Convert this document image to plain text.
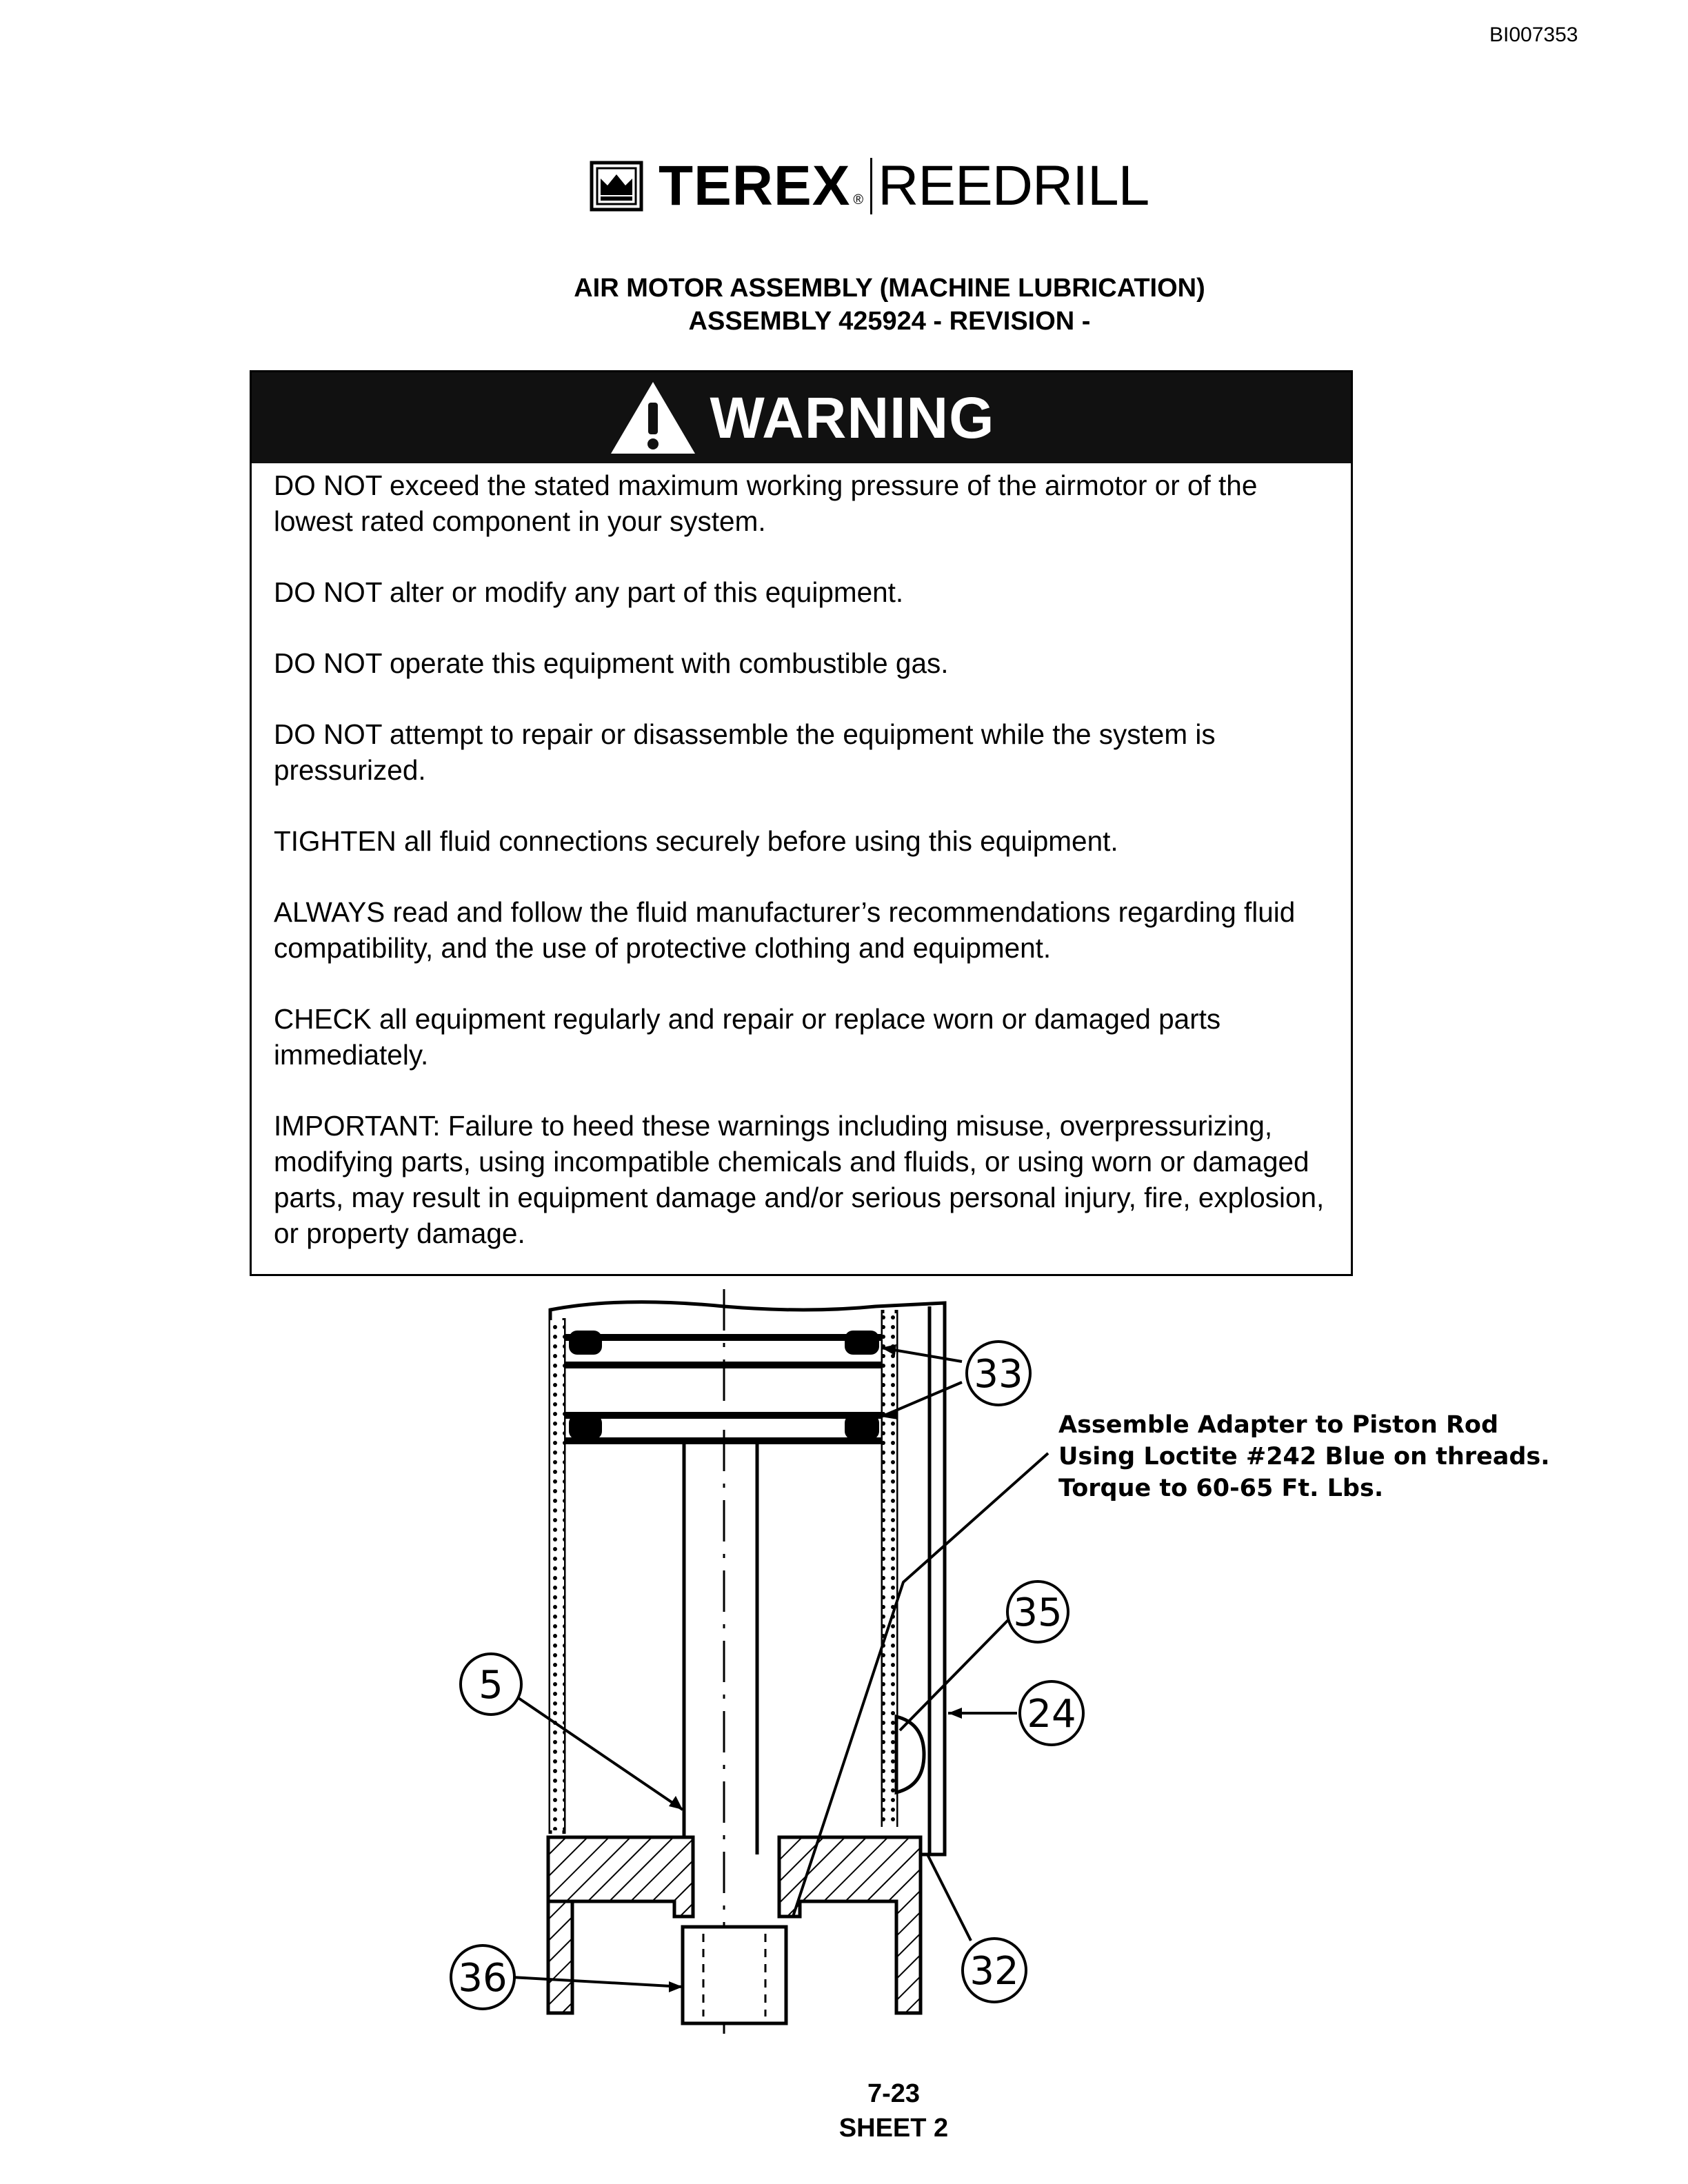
BI007353
TEREX ® REEDRILL
AIR MOTOR ASSEMBLY (MACHINE LUBRICATION)
ASSEMBLY 425924 - REVISION -
WARNING

DO NOT exceed the stated maximum working pressure of the airmotor or of the lowest rated component in your system.

DO NOT alter or modify any part of this equipment.

DO NOT operate this equipment with combustible gas.

DO NOT attempt to repair or disassemble the equipment while the system is pressurized.

TIGHTEN all fluid connections securely before using this equipment.

ALWAYS read and follow the fluid manufacturer’s recommendations regarding fluid compatibility, and the use of protective clothing and equipment.

CHECK all equipment regularly and repair or replace worn or damaged parts immediately.

IMPORTANT: Failure to heed these warnings including misuse, overpressurizing, modifying parts, using incompatible chemicals and fluids, or using worn or damaged parts, may result in equipment damage and/or serious personal injury, fire, explosion, or property damage.

33
35
24
5
36	32
Assemble Adapter to Piston Rod
Using Loctite #242 Blue on threads.
Torque to 60-65 Ft. Lbs.
7-23
SHEET 2
